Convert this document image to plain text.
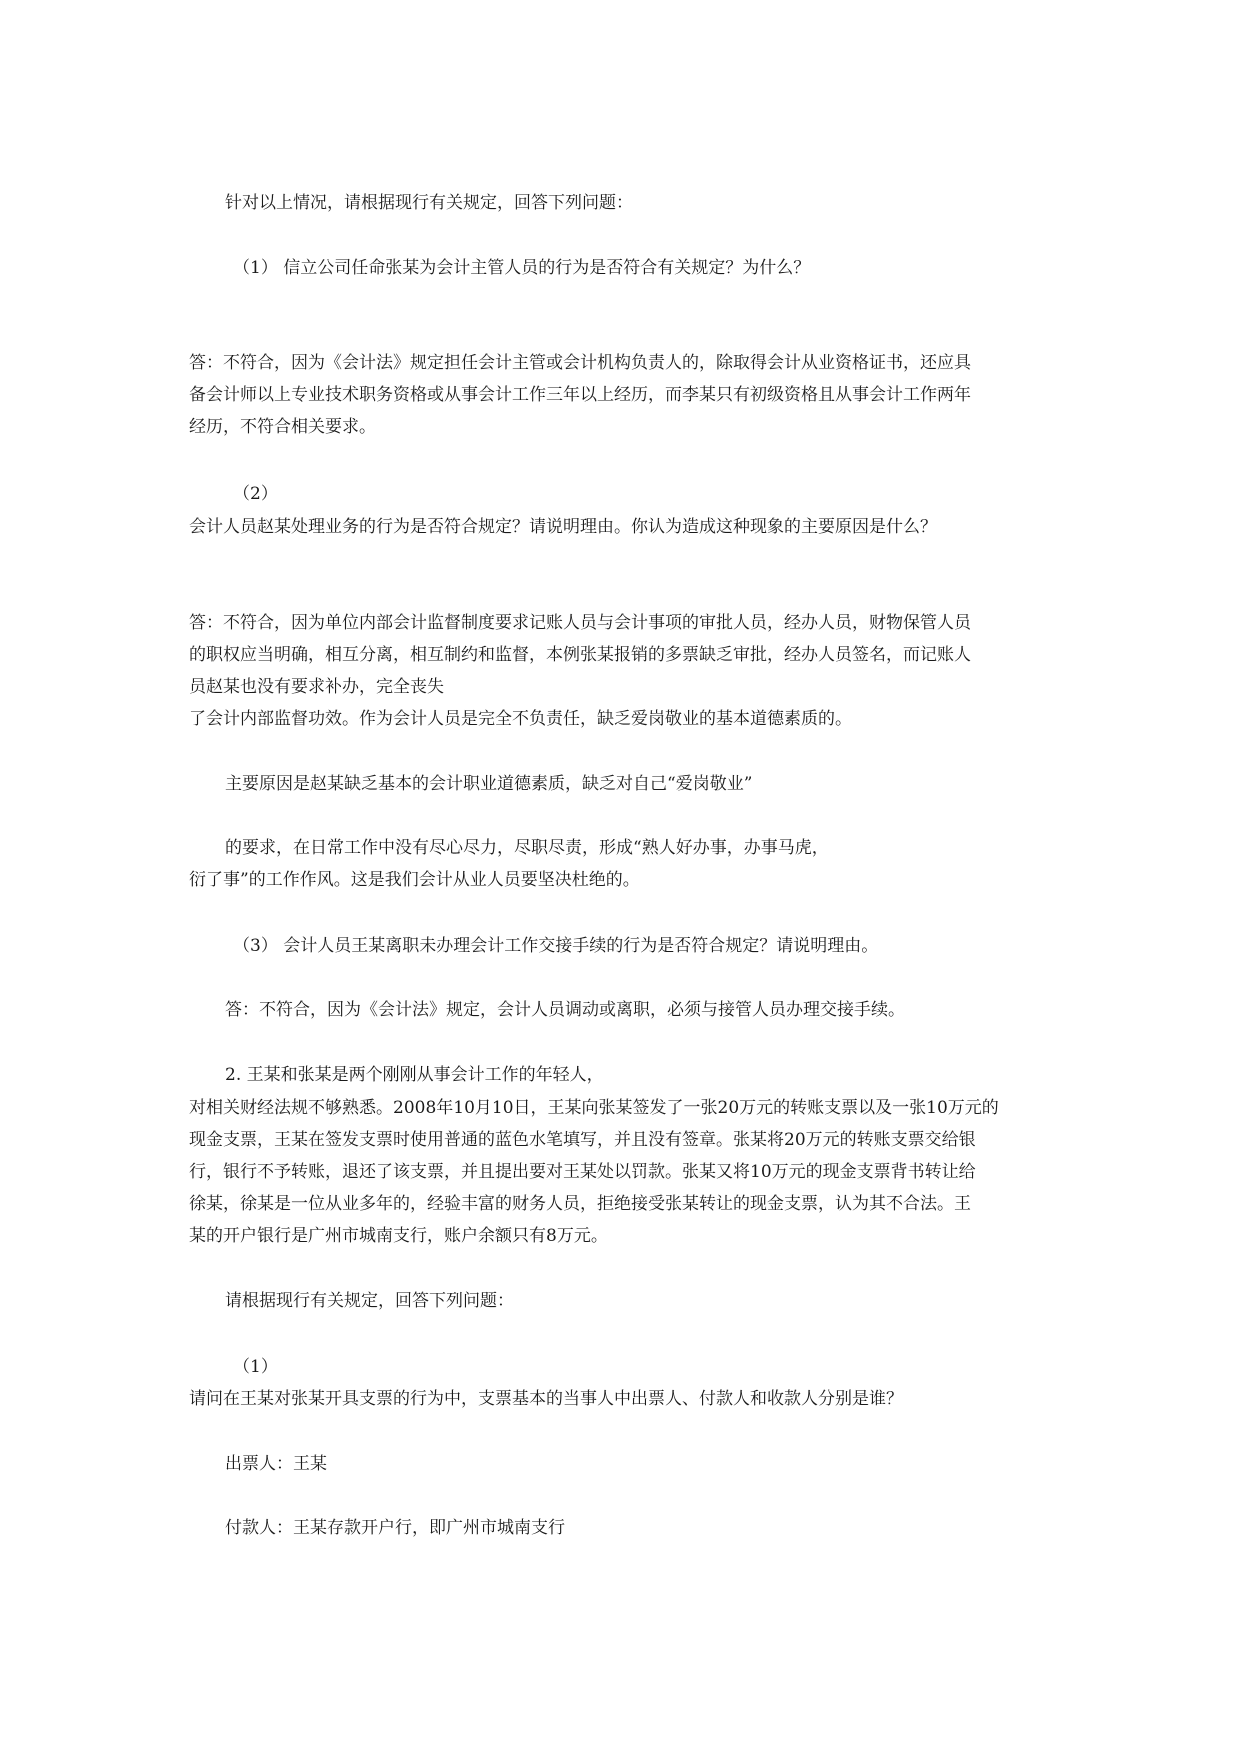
针对以上情况，请根据现行有关规定，回答下列问题：

（1） 信立公司任命张某为会计主管人员的行为是否符合有关规定？为什么？

答：不符合，因为《会计法》规定担任会计主管或会计机构负责人的，除取得会计从业资格证书，还应具

备会计师以上专业技术职务资格或从事会计工作三年以上经历，而李某只有初级资格且从事会计工作两年

经历，不符合相关要求。

（2）

会计人员赵某处理业务的行为是否符合规定？请说明理由。你认为造成这种现象的主要原因是什么？

答：不符合，因为单位内部会计监督制度要求记账人员与会计事项的审批人员，经办人员，财物保管人员

的职权应当明确，相互分离，相互制约和监督，本例张某报销的多票缺乏审批，经办人员签名，而记账人

员赵某也没有要求补办，完全丧失

了会计内部监督功效。作为会计人员是完全不负责任，缺乏爱岗敬业的基本道德素质的。

主要原因是赵某缺乏基本的会计职业道德素质，缺乏对自己“爱岗敬业”

的要求，在日常工作中没有尽心尽力，尽职尽责，形成“熟人好办事，办事马虎，

衍了事”的工作作风。这是我们会计从业人员要坚决杜绝的。

（3） 会计人员王某离职未办理会计工作交接手续的行为是否符合规定？请说明理由。

答：不符合，因为《会计法》规定，会计人员调动或离职，必须与接管人员办理交接手续。

2. 王某和张某是两个刚刚从事会计工作的年轻人，

对相关财经法规不够熟悉。2008年10月10日，王某向张某签发了一张20万元的转账支票以及一张10万元的

现金支票，王某在签发支票时使用普通的蓝色水笔填写，并且没有签章。张某将20万元的转账支票交给银

行，银行不予转账，退还了该支票，并且提出要对王某处以罚款。张某又将10万元的现金支票背书转让给

徐某，徐某是一位从业多年的，经验丰富的财务人员，拒绝接受张某转让的现金支票，认为其不合法。王

某的开户银行是广州市城南支行，账户余额只有8万元。

请根据现行有关规定，回答下列问题：

（1）

请问在王某对张某开具支票的行为中，支票基本的当事人中出票人、付款人和收款人分别是谁？

出票人：王某

付款人：王某存款开户行，即广州市城南支行
